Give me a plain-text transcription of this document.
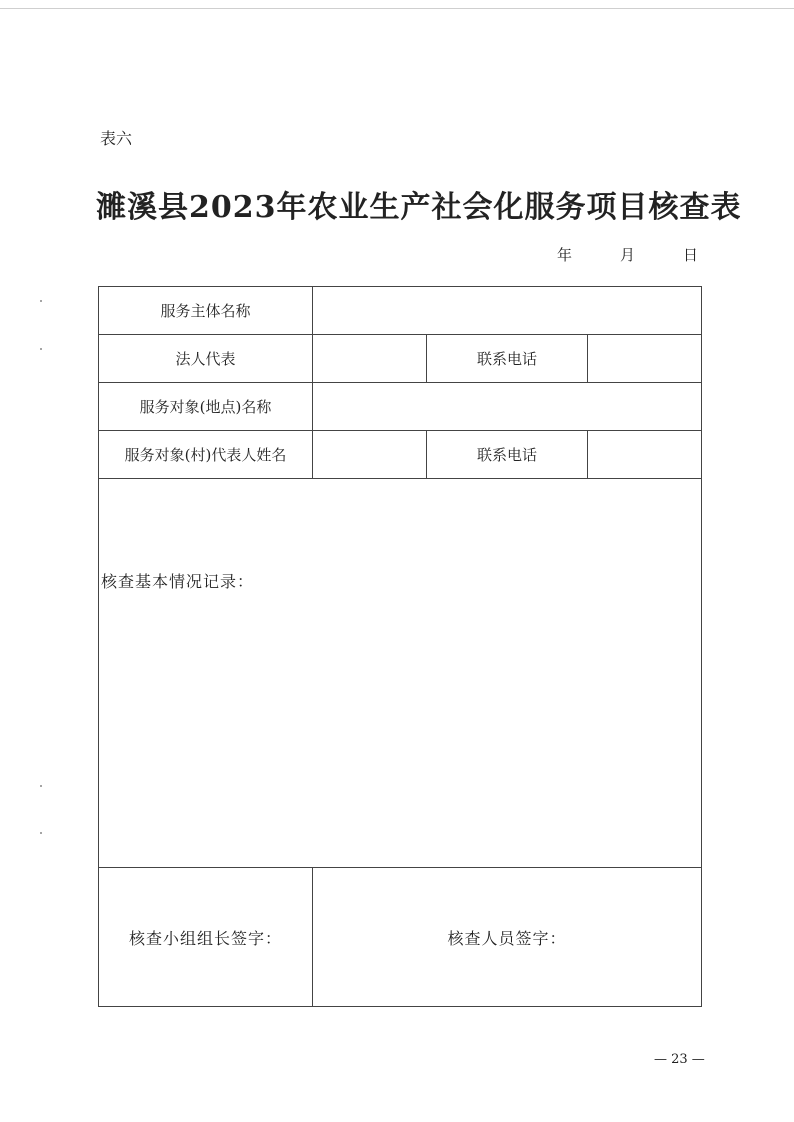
表六
濉溪县2023年农业生产社会化服务项目核查表
年	月	日
服务主体名称
法人代表	联系电话
服务对象(地点)名称
服务对象(村)代表人姓名	联系电话
核查基本情况记录：
核查小组组长签字：	核查人员签字：
— 23 —
